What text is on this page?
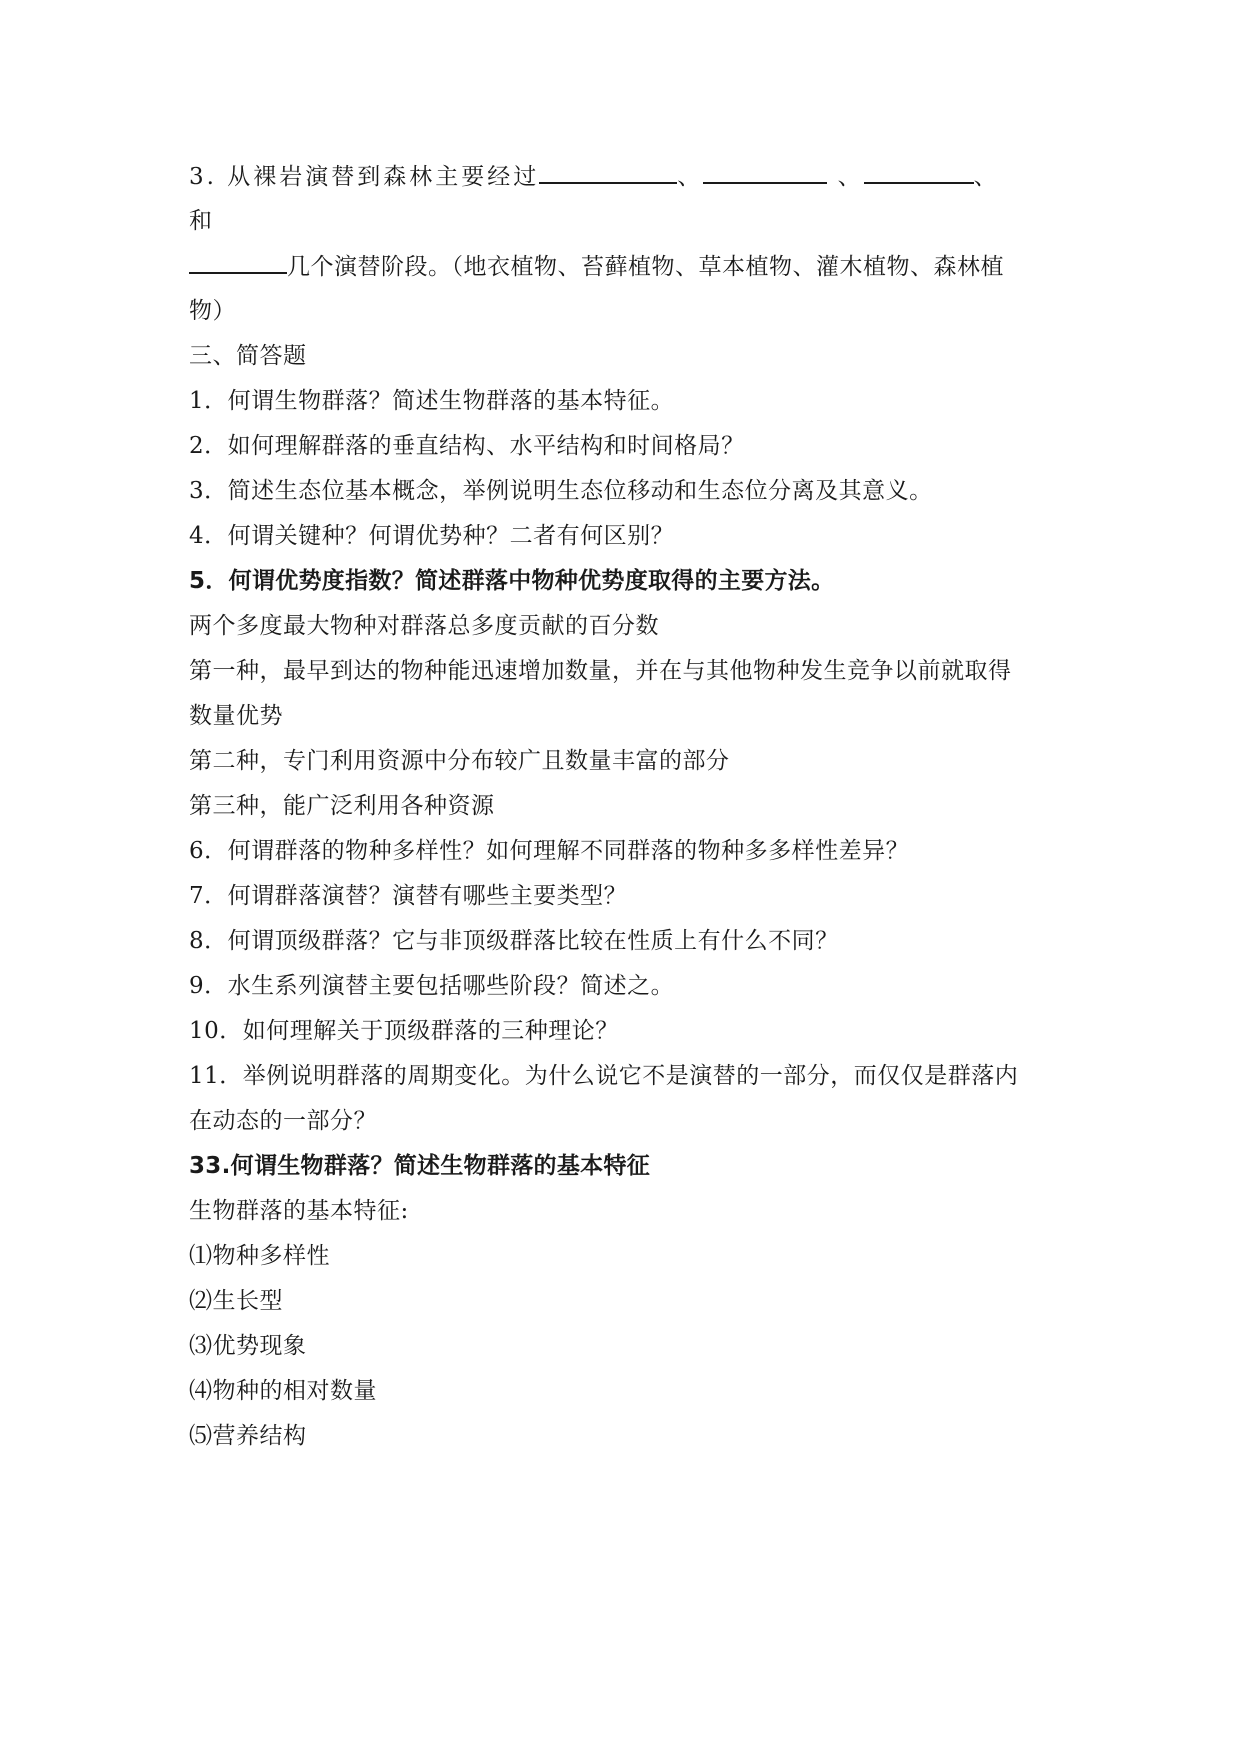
3. 从裸岩演替到森林主要经过	、	、	、
和
几个演替阶段。（地衣植物、苔藓植物、草本植物、灌木植物、森林植
物）
三、简答题
1．何谓生物群落？简述生物群落的基本特征。
2．如何理解群落的垂直结构、水平结构和时间格局？
3．简述生态位基本概念，举例说明生态位移动和生态位分离及其意义。
4．何谓关键种？何谓优势种？二者有何区别？
5．何谓优势度指数？简述群落中物种优势度取得的主要方法。
两个多度最大物种对群落总多度贡献的百分数
第一种，最早到达的物种能迅速增加数量，并在与其他物种发生竞争以前就取得
数量优势
第二种，专门利用资源中分布较广且数量丰富的部分
第三种，能广泛利用各种资源
6．何谓群落的物种多样性？如何理解不同群落的物种多多样性差异？
7．何谓群落演替？演替有哪些主要类型？
8．何谓顶级群落？它与非顶级群落比较在性质上有什么不同？
9．水生系列演替主要包括哪些阶段？简述之。
10．如何理解关于顶级群落的三种理论？
11．举例说明群落的周期变化。为什么说它不是演替的一部分，而仅仅是群落内
在动态的一部分？
33.何谓生物群落？简述生物群落的基本特征
生物群落的基本特征:
⑴物种多样性
⑵生长型
⑶优势现象
⑷物种的相对数量
⑸营养结构
